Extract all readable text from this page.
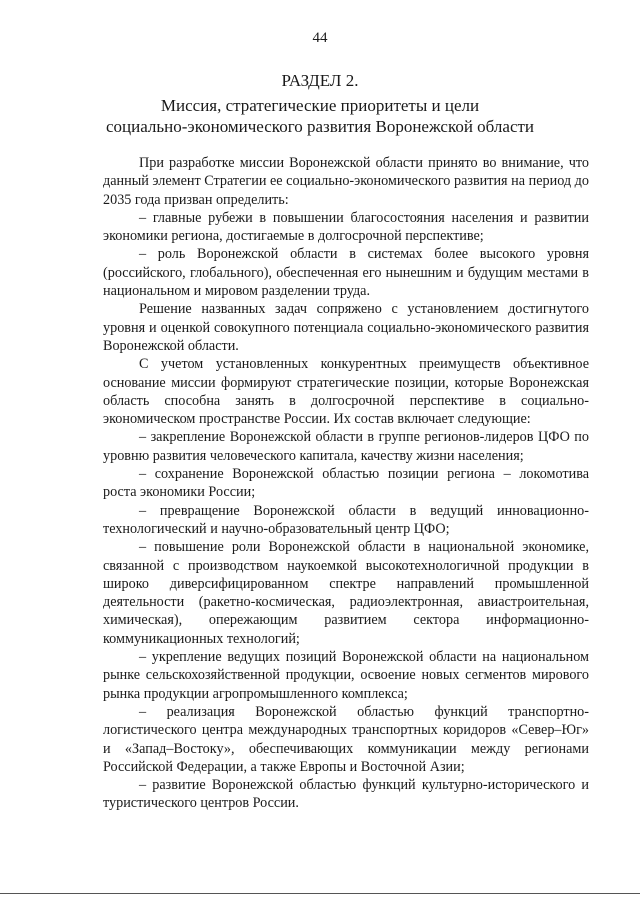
44
РАЗДЕЛ 2.
Миссия, стратегические приоритеты и цели
социально-экономического развития Воронежской области

При разработке миссии Воронежской области принято во внимание, что данный элемент Стратегии ее социально-экономического развития на период до 2035 года призван определить:

– главные рубежи в повышении благосостояния населения и развитии экономики региона, достигаемые в долгосрочной перспективе;

– роль Воронежской области в системах более высокого уровня (российского, глобального), обеспеченная его нынешним и будущим местами в национальном и мировом разделении труда.

Решение названных задач сопряжено с установлением достигнутого уровня и оценкой совокупного потенциала социально-экономического развития Воронежской области.

С учетом установленных конкурентных преимуществ объективное основание миссии формируют стратегические позиции, которые Воронежская область способна занять в долгосрочной перспективе в социально-экономическом пространстве России. Их состав включает следующие:

– закрепление Воронежской области в группе регионов-лидеров ЦФО по уровню развития человеческого капитала, качеству жизни населения;

– сохранение Воронежской областью позиции региона – локомотива роста экономики России;

– превращение Воронежской области в ведущий инновационно-технологический и научно-образовательный центр ЦФО;

– повышение роли Воронежской области в национальной экономике, связанной с производством наукоемкой высокотехнологичной продукции в широко диверсифицированном спектре направлений промышленной деятельности (ракетно-космическая, радиоэлектронная, авиастроительная, химическая), опережающим развитием сектора информационно-коммуникационных технологий;

– укрепление ведущих позиций Воронежской области на национальном рынке сельскохозяйственной продукции, освоение новых сегментов мирового рынка продукции агропромышленного комплекса;

– реализация Воронежской областью функций транспортно-логистического центра международных транспортных коридоров «Север–Юг» и «Запад–Востоку», обеспечивающих коммуникации между регионами Российской Федерации, а также Европы и Восточной Азии;

– развитие Воронежской областью функций культурно-исторического и туристического центров России.
